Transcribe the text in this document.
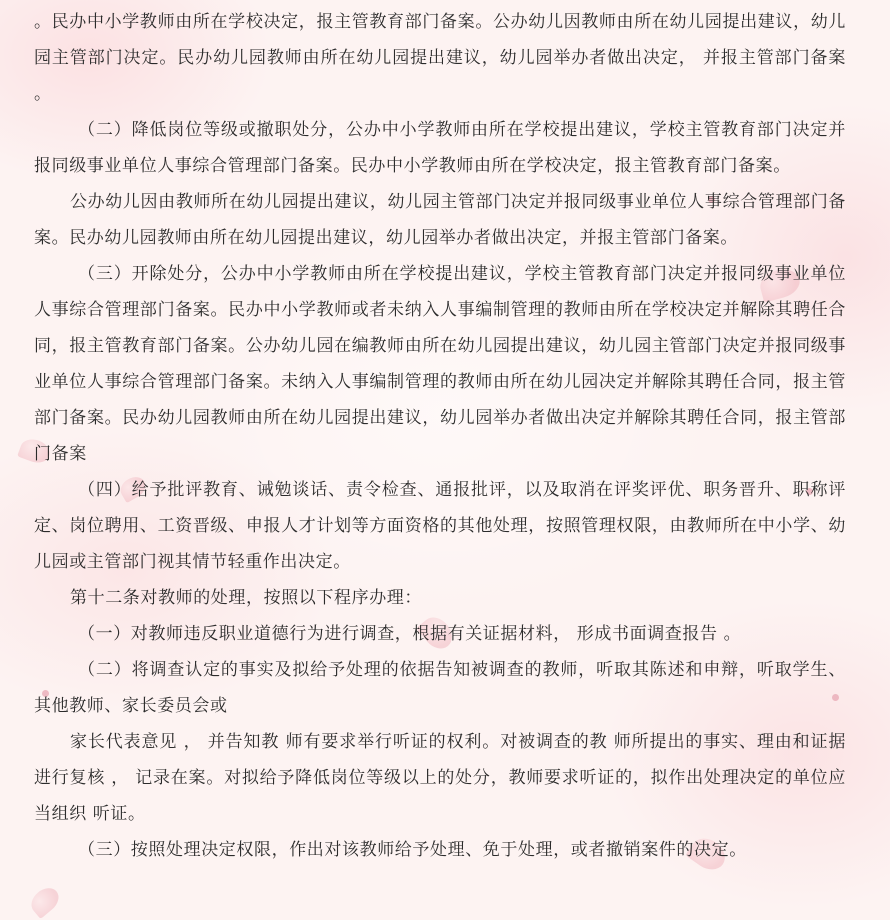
。民办中小学教师由所在学校决定，报主管教育部门备案。公办幼儿因教师由所在幼儿园提出建议，幼儿园主管部门决定。民办幼儿园教师由所在幼儿园提出建议，幼儿园举办者做出决定， 并报主管部门备案 。

（二）降低岗位等级或撤职处分，公办中小学教师由所在学校提出建议，学校主管教育部门决定并报同级事业单位人事综合管理部门备案。民办中小学教师由所在学校决定，报主管教育部门备案。

公办幼儿因由教师所在幼儿园提出建议，幼儿园主管部门决定并报同级事业单位人事综合管理部门备案。民办幼儿园教师由所在幼儿园提出建议，幼儿园举办者做出决定，并报主管部门备案。

（三）开除处分，公办中小学教师由所在学校提出建议，学校主管教育部门决定并报同级事业单位人事综合管理部门备案。民办中小学教师或者未纳入人事编制管理的教师由所在学校决定并解除其聘任合同，报主管教育部门备案。公办幼儿园在编教师由所在幼儿园提出建议，幼儿园主管部门决定并报同级事业单位人事综合管理部门备案。未纳入人事编制管理的教师由所在幼儿园决定并解除其聘任合同，报主管部门备案。民办幼儿园教师由所在幼儿园提出建议，幼儿园举办者做出决定并解除其聘任合同，报主管部门备案

（四）给予批评教育、诫勉谈话、责令检查、通报批评，以及取消在评奖评优、职务晋升、职称评定、岗位聘用、工资晋级、申报人才计划等方面资格的其他处理，按照管理权限，由教师所在中小学、幼儿园或主管部门视其情节轻重作出决定。

第十二条对教师的处理，按照以下程序办理：

（一）对教师违反职业道德行为进行调查，根据有关证据材料， 形成书面调查报告 。

（二）将调查认定的事实及拟给予处理的依据告知被调查的教师，听取其陈述和申辩，听取学生、其他教师、家长委员会或

家长代表意见 ， 并告知教 师有要求举行听证的权利。对被调查的教 师所提出的事实、理由和证据进行复核 ， 记录在案。对拟给予降低岗位等级以上的处分，教师要求听证的，拟作出处理决定的单位应当组织 听证。

（三）按照处理决定权限，作出对该教师给予处理、免于处理，或者撤销案件的决定。
